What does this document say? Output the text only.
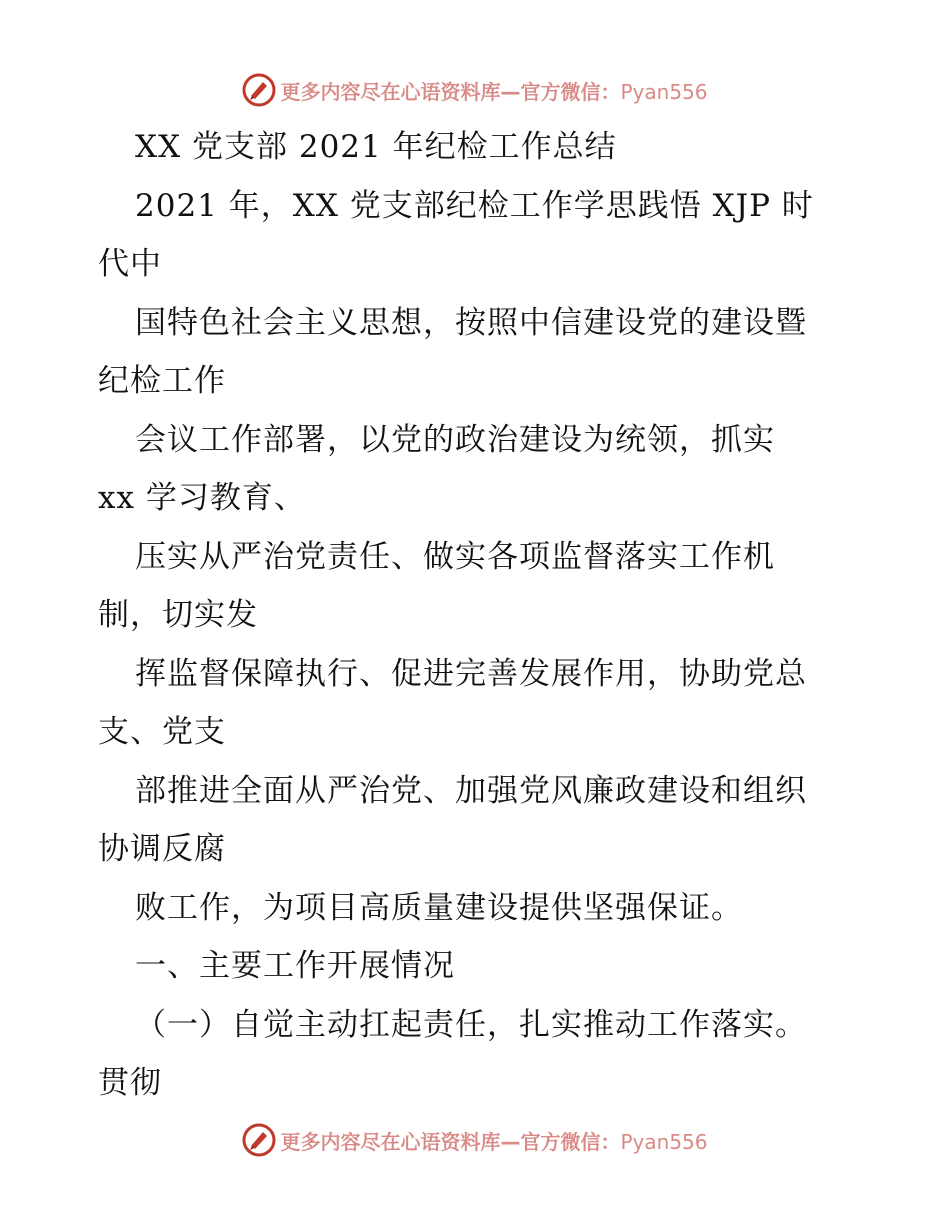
更多内容尽在心语资料库—官方微信：Pyan556
XX 党支部 2021 年纪检工作总结
2021 年，XX 党支部纪检工作学思践悟 XJP 时
代中
国特色社会主义思想，按照中信建设党的建设暨
纪检工作
会议工作部署，以党的政治建设为统领，抓实
xx 学习教育、
压实从严治党责任、做实各项监督落实工作机
制，切实发
挥监督保障执行、促进完善发展作用，协助党总
支、党支
部推进全面从严治党、加强党风廉政建设和组织
协调反腐
败工作，为项目高质量建设提供坚强保证。
一、主要工作开展情况
（一）自觉主动扛起责任，扎实推动工作落实。
贯彻
更多内容尽在心语资料库—官方微信：Pyan556
